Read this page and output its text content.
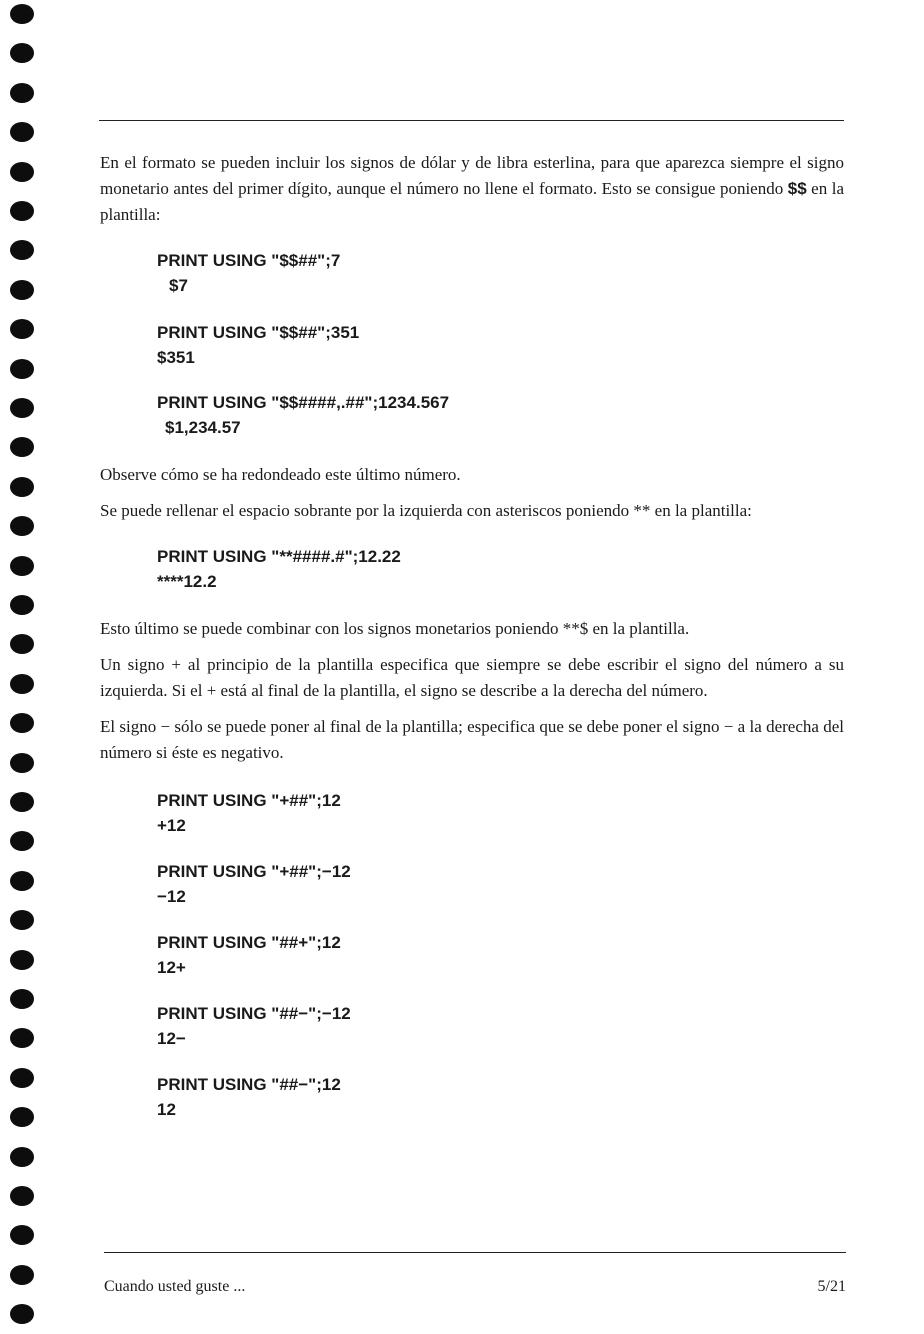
En el formato se pueden incluir los signos de dólar y de libra esterlina, para que aparezca siempre el signo monetario antes del primer dígito, aunque el número no llene el formato. Esto se consigue poniendo $$ en la plantilla:

PRINT USING "$$##";7
$7
PRINT USING "$$##";351
$351
PRINT USING "$$####,.##";1234.567
$1,234.57

Observe cómo se ha redondeado este último número.

Se puede rellenar el espacio sobrante por la izquierda con asteriscos poniendo ** en la plantilla:

PRINT USING "**####.#";12.22
****12.2

Esto último se puede combinar con los signos monetarios poniendo **$ en la plantilla.

Un signo + al principio de la plantilla especifica que siempre se debe escribir el signo del número a su izquierda. Si el + está al final de la plantilla, el signo se describe a la derecha del número.

El signo − sólo se puede poner al final de la plantilla; especifica que se debe poner el signo − a la derecha del número si éste es negativo.

PRINT USING "+##";12
+12
PRINT USING "+##";−12
−12
PRINT USING "##+";12
12+
PRINT USING "##−";−12
12−
PRINT USING "##−";12
12
Cuando usted guste ...	5/21
